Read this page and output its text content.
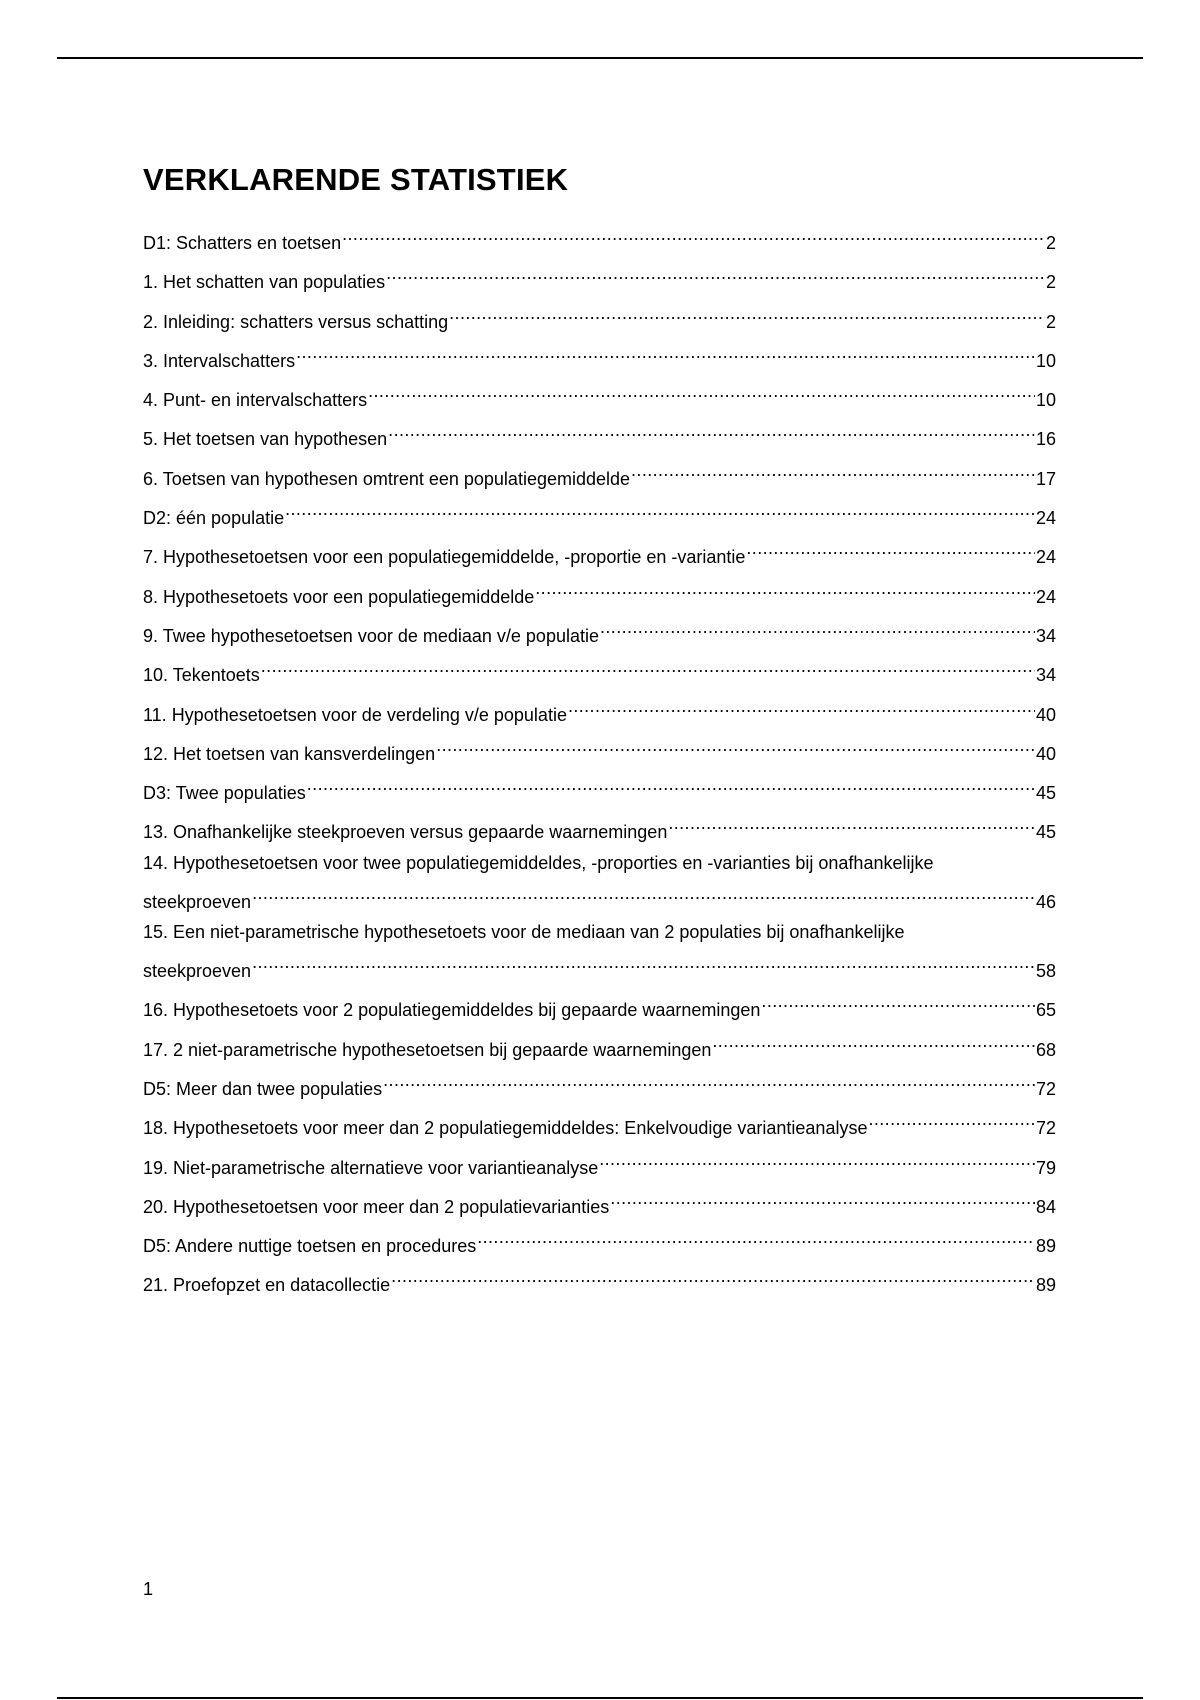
VERKLARENDE STATISTIEK
D1: Schatters en toetsen .....	2
1. Het schatten van populaties .....	2
2. Inleiding: schatters versus schatting .....	2
3. Intervalschatters .....	10
4. Punt- en intervalschatters .....	10
5. Het toetsen van hypothesen .....	16
6. Toetsen van hypothesen omtrent een populatiegemiddelde .....	17
D2: één populatie .....	24
7. Hypothesetoetsen voor een populatiegemiddelde, -proportie en -variantie .....	24
8. Hypothesetoets voor een populatiegemiddelde .....	24
9. Twee hypothesetoetsen voor de mediaan v/e populatie .....	34
10. Tekentoets .....	34
11. Hypothesetoetsen voor de verdeling v/e populatie .....	40
12. Het toetsen van kansverdelingen .....	40
D3: Twee populaties .....	45
13. Onafhankelijke steekproeven versus gepaarde waarnemingen .....	45
14. Hypothesetoetsen voor twee populatiegemiddeldes, -proporties en -varianties bij onafhankelijke
steekproeven .....	46
15. Een niet-parametrische hypothesetoets voor de mediaan van 2 populaties bij onafhankelijke
steekproeven .....	58
16. Hypothesetoets voor 2 populatiegemiddeldes bij gepaarde waarnemingen .....	65
17. 2 niet-parametrische hypothesetoetsen bij gepaarde waarnemingen .....	68
D5: Meer dan twee populaties .....	72
18. Hypothesetoets voor meer dan 2 populatiegemiddeldes: Enkelvoudige variantieanalyse .....	72
19. Niet-parametrische alternatieve voor variantieanalyse .....	79
20. Hypothesetoetsen voor meer dan 2 populatievarianties .....	84
D5: Andere nuttige toetsen en procedures .....	89
21. Proefopzet en datacollectie .....	89
1
